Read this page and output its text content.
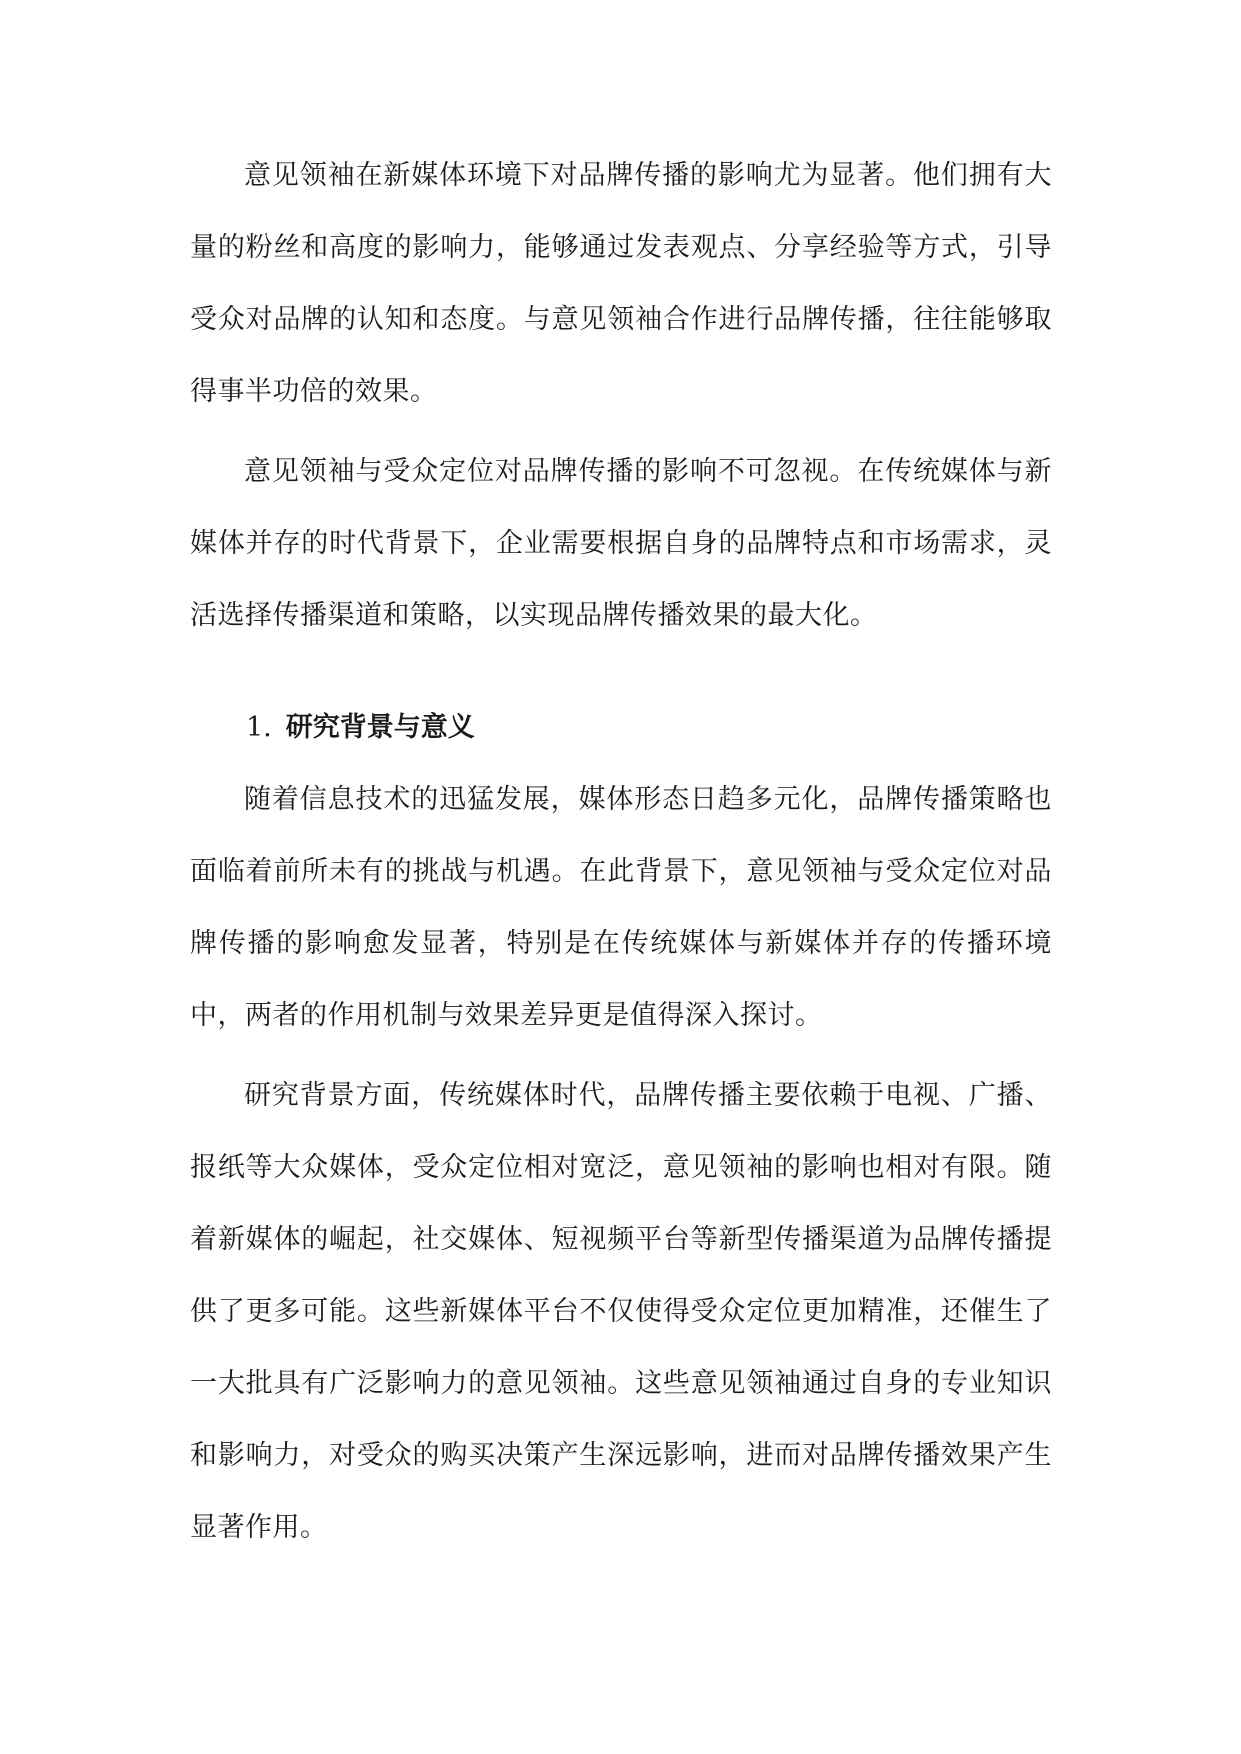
意见领袖在新媒体环境下对品牌传播的影响尤为显著。他们拥有大量的粉丝和高度的影响力，能够通过发表观点、分享经验等方式，引导受众对品牌的认知和态度。与意见领袖合作进行品牌传播，往往能够取得事半功倍的效果。

意见领袖与受众定位对品牌传播的影响不可忽视。在传统媒体与新媒体并存的时代背景下，企业需要根据自身的品牌特点和市场需求，灵活选择传播渠道和策略，以实现品牌传播效果的最大化。

1. 研究背景与意义

随着信息技术的迅猛发展，媒体形态日趋多元化，品牌传播策略也面临着前所未有的挑战与机遇。在此背景下，意见领袖与受众定位对品牌传播的影响愈发显著，特别是在传统媒体与新媒体并存的传播环境中，两者的作用机制与效果差异更是值得深入探讨。

研究背景方面，传统媒体时代，品牌传播主要依赖于电视、广播、报纸等大众媒体，受众定位相对宽泛，意见领袖的影响也相对有限。随着新媒体的崛起，社交媒体、短视频平台等新型传播渠道为品牌传播提供了更多可能。这些新媒体平台不仅使得受众定位更加精准，还催生了一大批具有广泛影响力的意见领袖。这些意见领袖通过自身的专业知识和影响力，对受众的购买决策产生深远影响，进而对品牌传播效果产生显著作用。
